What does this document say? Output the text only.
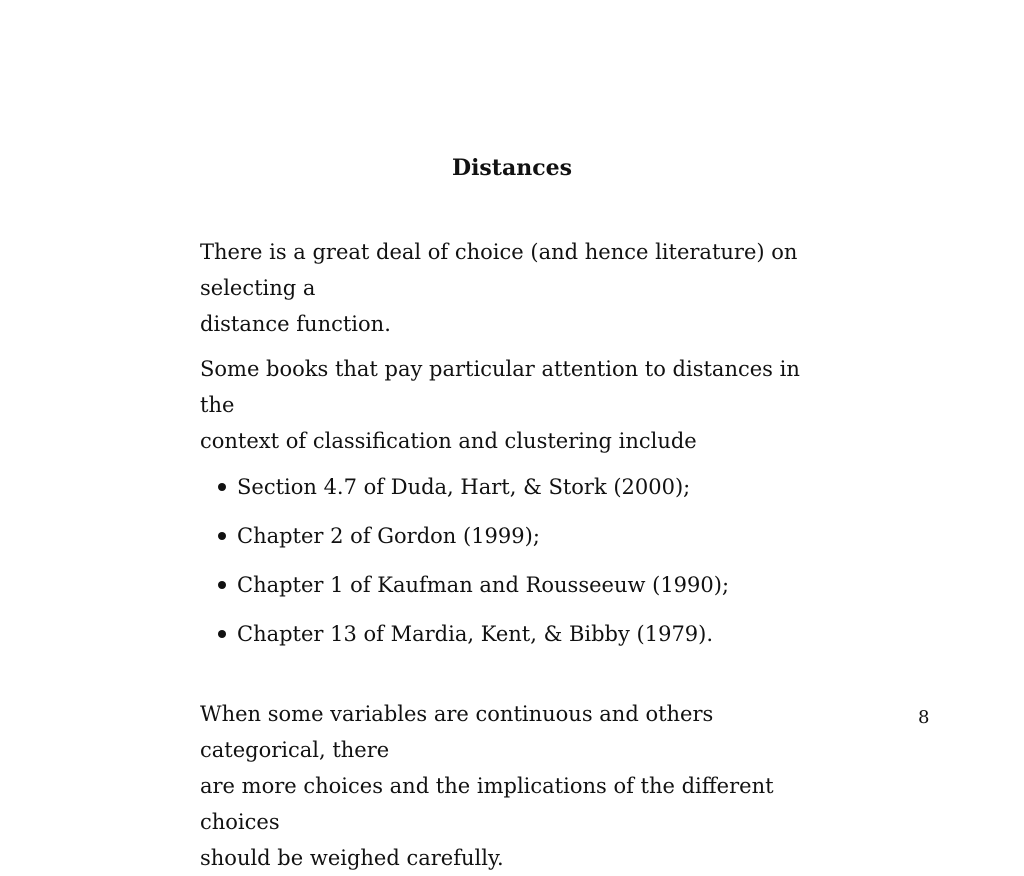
Distances

There is a great deal of choice (and hence literature) on selecting a
distance function.

Some books that pay particular attention to distances in the
context of classification and clustering include

Section 4.7 of Duda, Hart, & Stork (2000);
Chapter 2 of Gordon (1999);
Chapter 1 of Kaufman and Rousseeuw (1990);
Chapter 13 of Mardia, Kent, & Bibby (1979).

When some variables are continuous and others categorical, there
are more choices and the implications of the different choices
should be weighed carefully.

8
